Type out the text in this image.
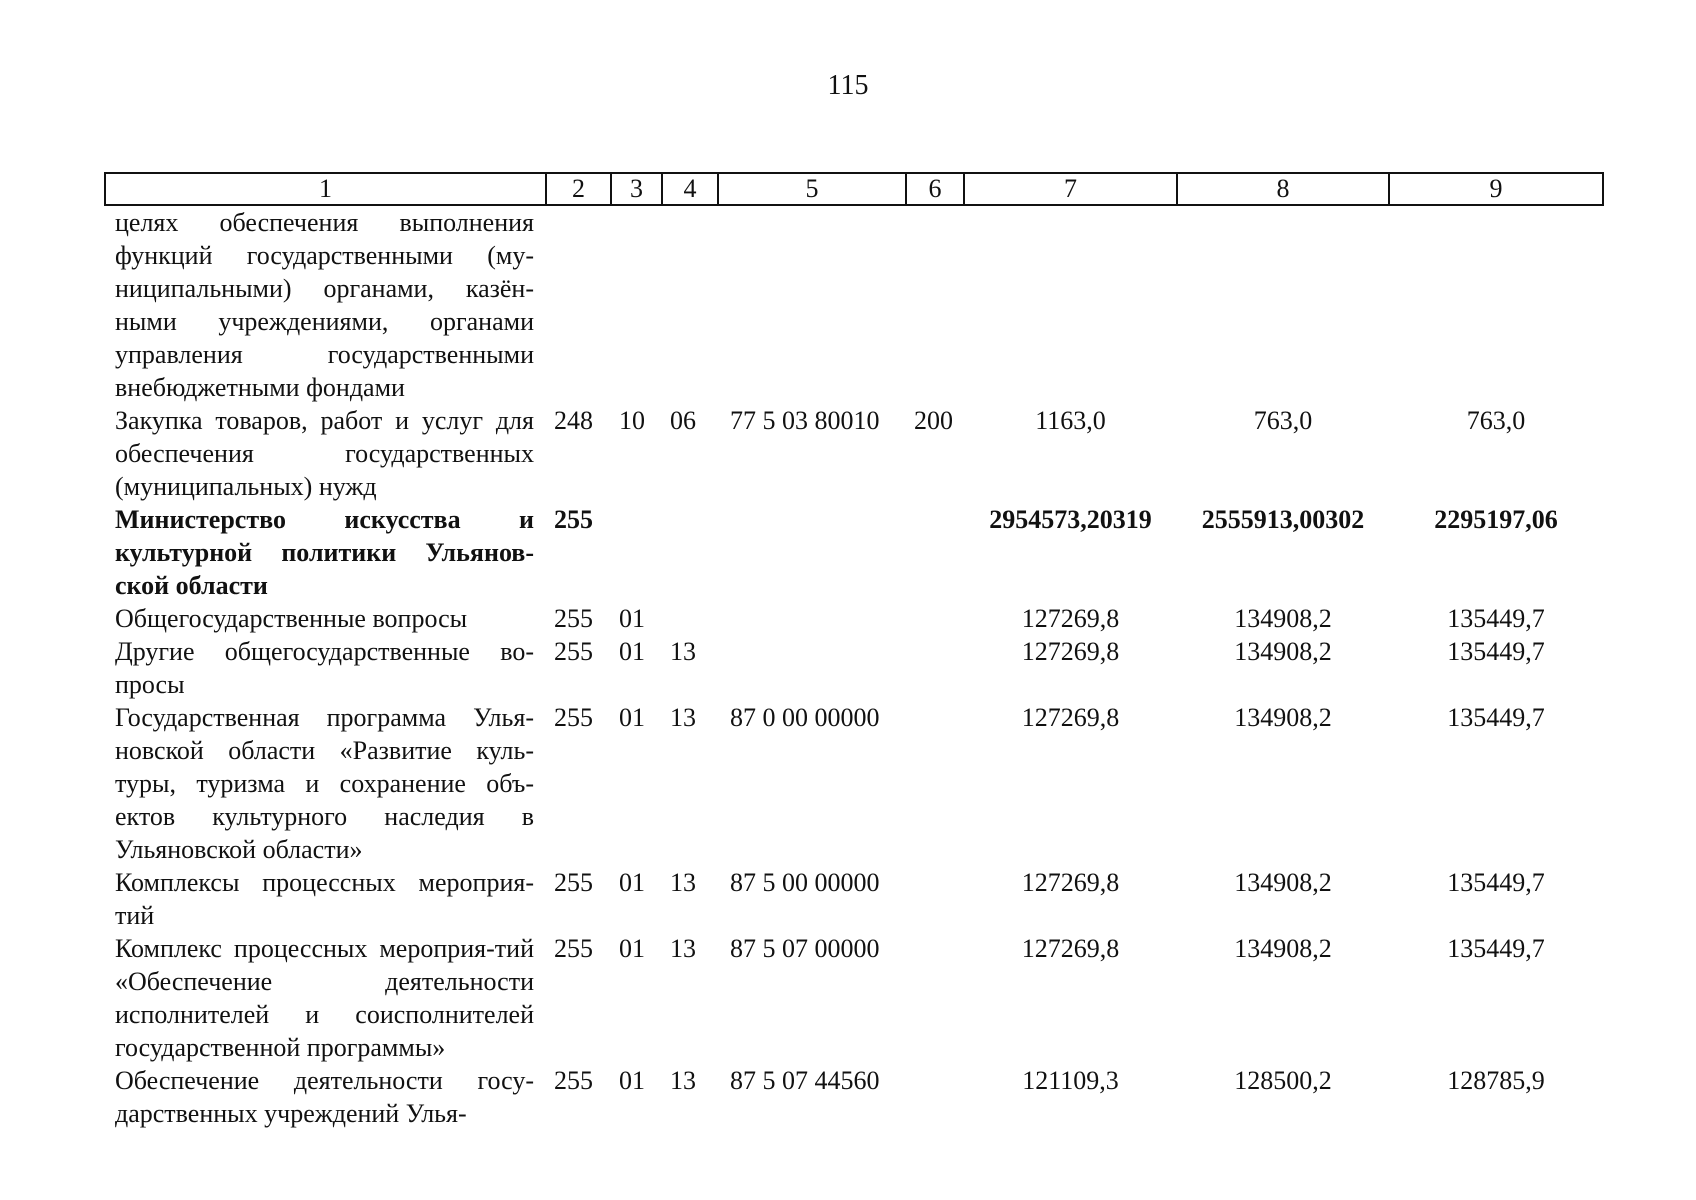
115
1	2	3	4	5	6	7	8	9
целях обеспечения выполнения функций государственными (му-ниципальными) органами, казён-ными учреждениями, органами управления государственными внебюджетными фондами								
Закупка товаров, работ и услуг для обеспечения государственных (муниципальных) нужд	248	10	06	77 5 03 80010	200	1163,0	763,0	763,0
Министерство искусства и культурной политики Ульянов-ской области	255					2954573,20319	2555913,00302	2295197,06
Общегосударственные вопросы	255	01				127269,8	134908,2	135449,7
Другие общегосударственные во-просы	255	01	13			127269,8	134908,2	135449,7
Государственная программа Улья-новской области «Развитие куль-туры, туризма и сохранение объ-ектов культурного наследия в Ульяновской области»	255	01	13	87 0 00 00000		127269,8	134908,2	135449,7
Комплексы процессных мероприя-тий	255	01	13	87 5 00 00000		127269,8	134908,2	135449,7
Комплекс процессных мероприя-тий «Обеспечение деятельности исполнителей и соисполнителей государственной программы»	255	01	13	87 5 07 00000		127269,8	134908,2	135449,7
Обеспечение деятельности госу-дарственных учреждений Улья-	255	01	13	87 5 07 44560		121109,3	128500,2	128785,9
